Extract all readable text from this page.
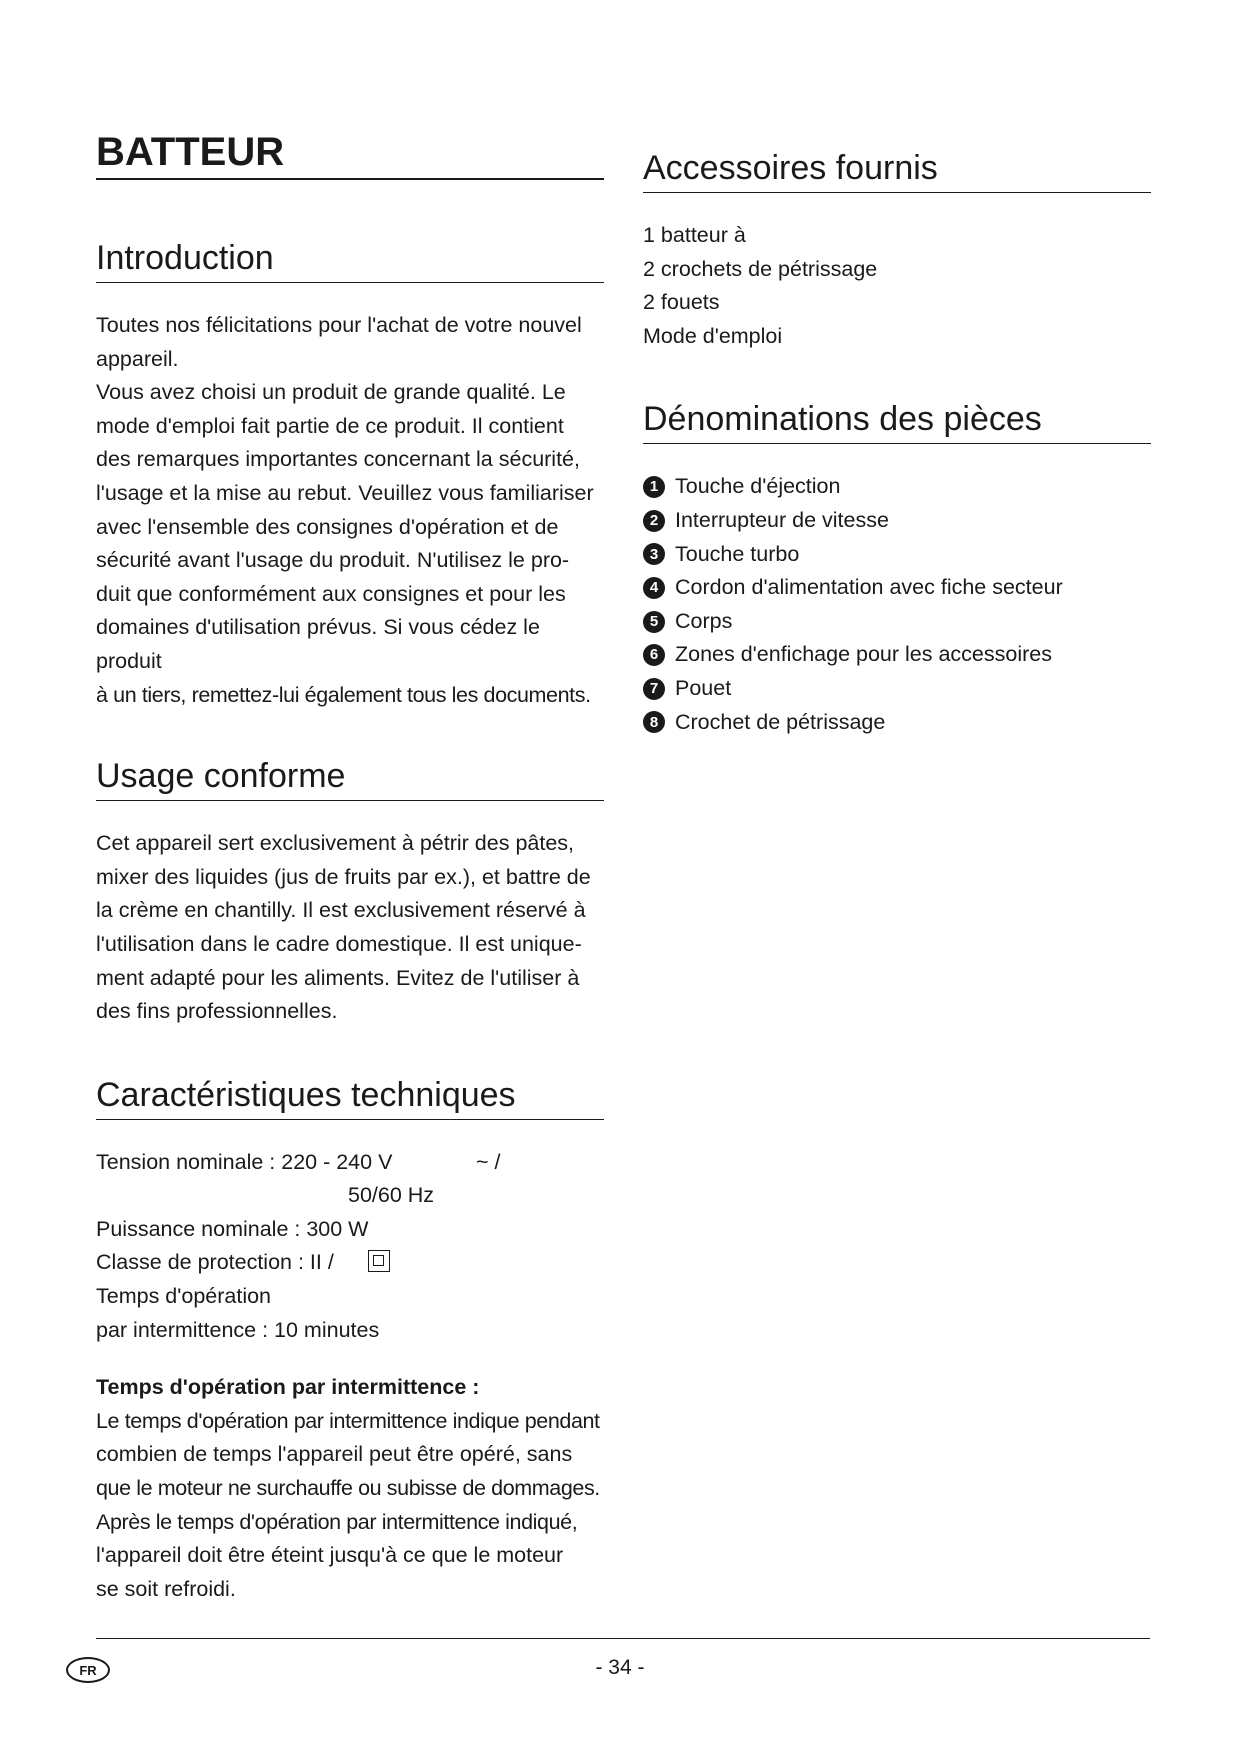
BATTEUR
Introduction

Toutes nos félicitations pour l'achat de votre nouvel

appareil.

Vous avez choisi un produit de grande qualité. Le

mode d'emploi fait partie de ce produit. Il contient

des remarques importantes concernant la sécurité,

l'usage et la mise au rebut. Veuillez vous familiariser

avec l'ensemble des consignes d'opération et de

sécurité avant l'usage du produit. N'utilisez le pro-

duit que conformément aux consignes et pour les

domaines d'utilisation prévus. Si vous cédez le produit

à un tiers, remettez-lui également tous les documents.

Usage conforme

Cet appareil sert exclusivement à pétrir des pâtes,

mixer des liquides (jus de fruits par ex.), et battre de

la crème en chantilly. Il est exclusivement réservé à

l'utilisation dans le cadre domestique. Il est unique-

ment adapté pour les aliments. Evitez de l'utiliser à

des fins professionnelles.

Caractéristiques techniques
Tension nominale : 220 - 240 V	~ /
50/60 Hz
Puissance nominale : 300 W
Classe de protection : II /
Temps d'opération
par intermittence : 10 minutes

Temps d'opération par intermittence :

Le temps d'opération par intermittence indique pendant

combien de temps l'appareil peut être opéré, sans

que le moteur ne surchauffe ou subisse de dommages.

Après le temps d'opération par intermittence indiqué,

l'appareil doit être éteint jusqu'à ce que le moteur

se soit refroidi.

Accessoires fournis
1 batteur à
2 crochets de pétrissage
2 fouets
Mode d'emploi
Dénominations des pièces
1 Touche d'éjection
2 Interrupteur de vitesse
3 Touche turbo
4 Cordon d'alimentation avec fiche secteur
5 Corps
6 Zones d'enfichage pour les accessoires
7 Pouet
8 Crochet de pétrissage
FR	- 34 -
